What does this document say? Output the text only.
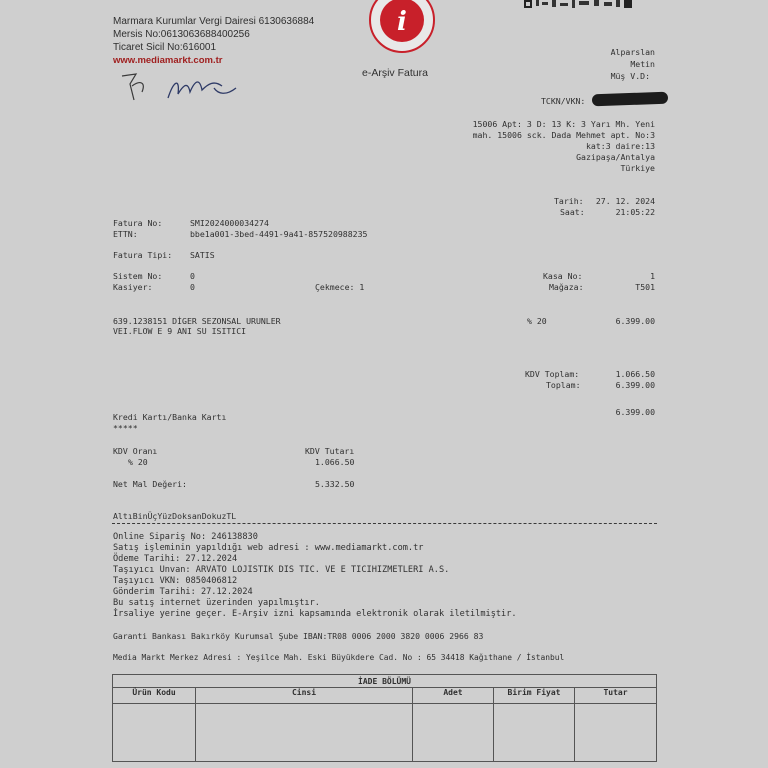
Marmara Kurumlar Vergi Dairesi 6130636884
Mersis No:0613063688400256
Ticaret Sicil No:616001
www.mediamarkt.com.tr
i
e-Arşiv Fatura
Alparslan
Metin
Müş V.D:
TCKN/VKN:
15006 Apt: 3 D: 13 K: 3 Yarı Mh. Yeni
mah. 15006 sck. Dada Mehmet apt. No:3
kat:3 daire:13
Gazipaşa/Antalya
Türkiye
Tarih: 27. 12. 2024
Saat:	21:05:22
Fatura No:	SMI2024000034274
ETTN:	bbe1a001-3bed-4491-9a41-857520988235
Fatura Tipi: SATIS
Sistem No:	0
Kasiyer:	0	Çekmece: 1
Kasa No:	1
Mağaza:	T501
639.1238151 DİGER SEZONSAL URUNLER
VEI.FLOW E 9 ANI SU ISITICI
% 20	6.399.00
KDV Toplam:	1.066.50
Toplam:	6.399.00
6.399.00
Kredi Kartı/Banka Kartı
*****
KDV Oranı	KDV Tutarı
% 20	1.066.50
Net Mal Değeri:	5.332.50
AltıBinÜçYüzDoksanDokuzTL
Online Sipariş No: 246138830
Satış işleminin yapıldığı web adresi : www.mediamarkt.com.tr
Ödeme Tarihi: 27.12.2024
Taşıyıcı Unvan: ARVATO LOJISTIK DIS TIC. VE E TICIHIZMETLERI A.S.
Taşıyıcı VKN: 0850406812
Gönderim Tarihi: 27.12.2024
Bu satış internet üzerinden yapılmıştır.
İrsaliye yerine geçer. E-Arşiv izni kapsamında elektronik olarak iletilmiştir.
Garanti Bankası Bakırköy Kurumsal Şube IBAN:TR08 0006 2000 3820 0006 2966 83
Media Markt Merkez Adresi : Yeşilce Mah. Eski Büyükdere Cad. No : 65 34418 Kağıthane / İstanbul
İADE BÖLÜMÜ				
Ürün Kodu	Cinsi	Adet	Birim Fiyat	Tutar
